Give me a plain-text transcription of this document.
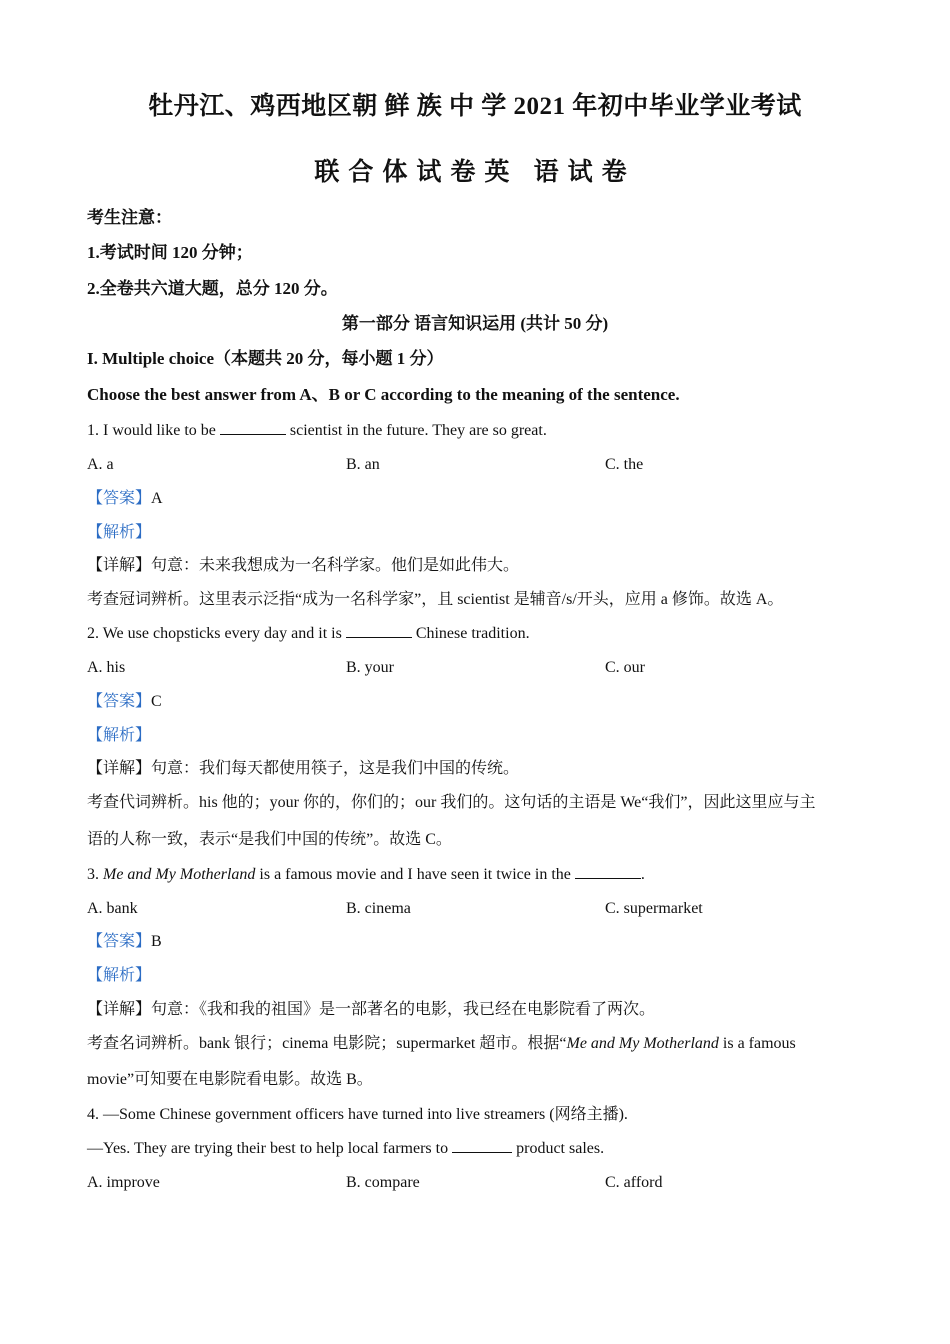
牡丹江、鸡西地区朝 鲜 族 中 学 2021 年初中毕业学业考试
联合体试卷英 语试卷
考生注意：
1.考试时间 120 分钟；
2.全卷共六道大题，总分 120 分。
第一部分 语言知识运用 (共计 50 分)
I. Multiple choice（本题共 20 分，每小题 1 分）
Choose the best answer from A、B or C according to the meaning of the sentence.
1. I would like to be	scientist in the future. They are so great.
A. a	B. an	C. the
【答案】A
【解析】
【详解】句意：未来我想成为一名科学家。他们是如此伟大。
考查冠词辨析。这里表示泛指“成为一名科学家”，且 scientist 是辅音/s/开头，应用 a 修饰。故选 A。
2. We use chopsticks every day and it is	Chinese tradition.
A. his	B. your	C. our
【答案】C
【解析】
【详解】句意：我们每天都使用筷子，这是我们中国的传统。
考查代词辨析。his 他的；your 你的，你们的；our 我们的。这句话的主语是 We“我们”，因此这里应与主
语的人称一致，表示“是我们中国的传统”。故选 C。
3. Me and My Motherland is a famous movie and I have seen it twice in the	.
A. bank	B. cinema	C. supermarket
【答案】B
【解析】
【详解】句意：《我和我的祖国》是一部著名的电影，我已经在电影院看了两次。
考查名词辨析。bank 银行；cinema 电影院；supermarket 超市。根据“Me and My Motherland is a famous
movie”可知要在电影院看电影。故选 B。
4. —Some Chinese government officers have turned into live streamers (网络主播).
—Yes. They are trying their best to help local farmers to	product sales.
A. improve	B. compare	C. afford
